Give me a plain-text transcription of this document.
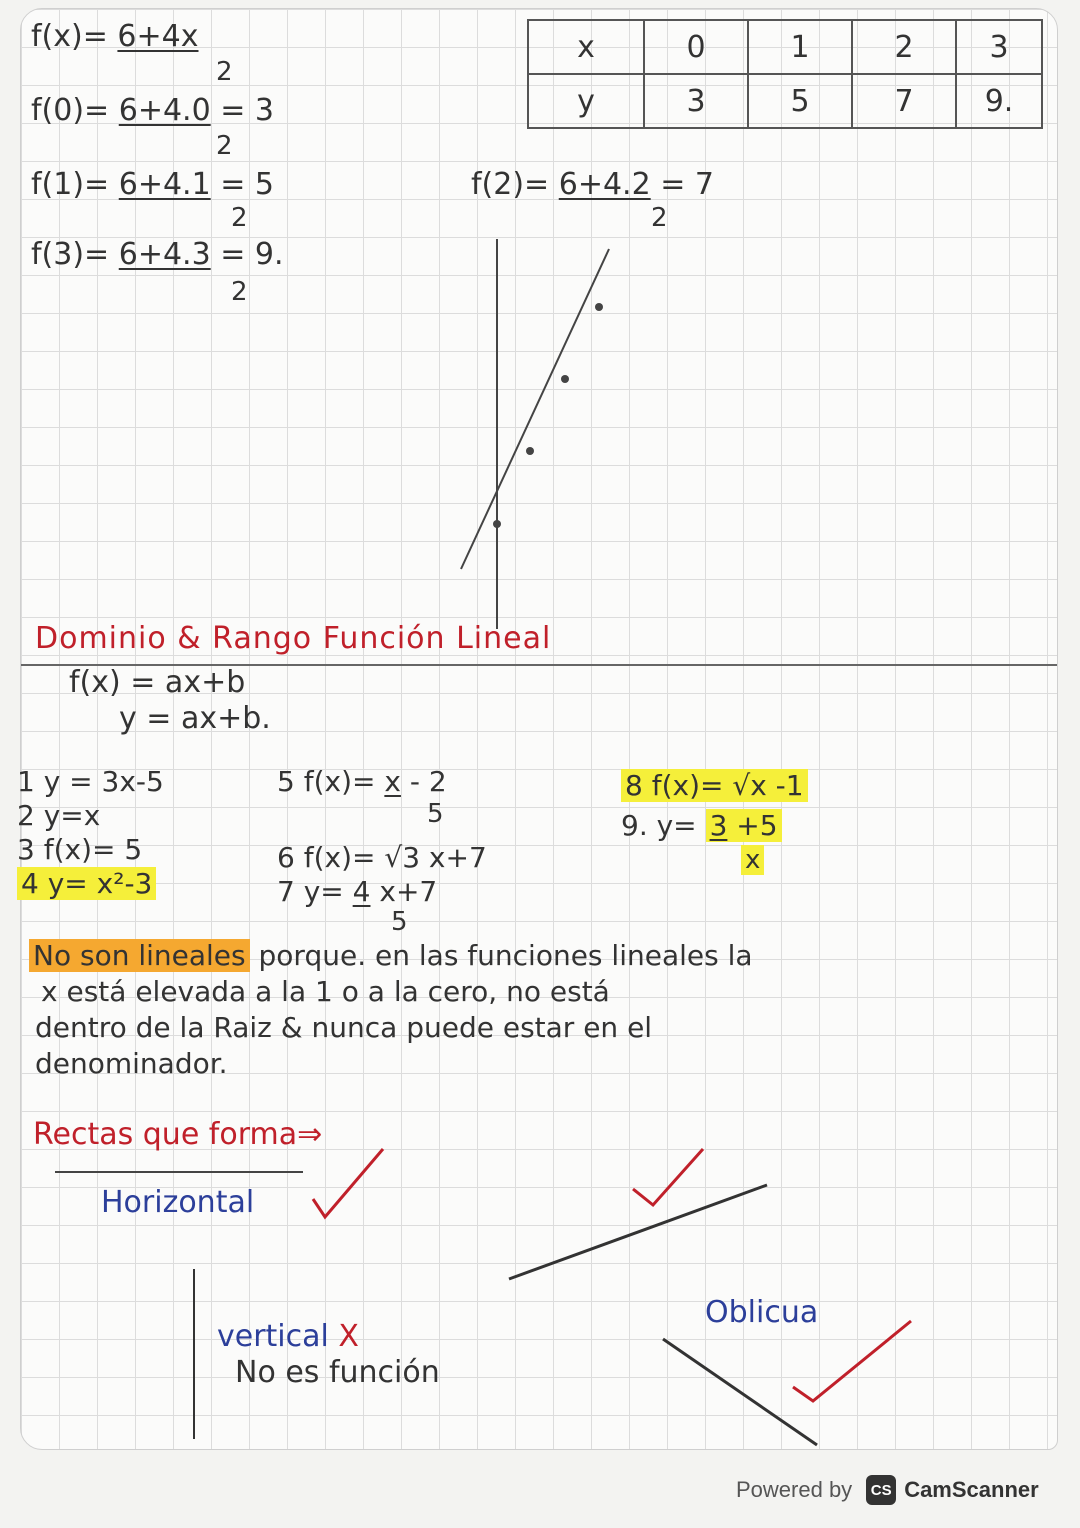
f(x)= 6+4x
2
f(0)= 6+4.0 = 3
2
f(1)= 6+4.1 = 5
2
f(3)= 6+4.3 = 9.
2
f(2)= 6+4.2 = 7
2
x	0	1	2	3
y	3	5	7	9.
Dominio & Rango Función Lineal
f(x) = ax+b
y = ax+b.
1 y = 3x-5
2 y=x
3 f(x)= 5
4 y= x²-3
5 f(x)= x - 2
5
6 f(x)= √3 x+7
7 y= 4 x+7
5
8 f(x)= √x -1
9. y= 3 +5
x
No son lineales porque. en las funciones lineales la
x está elevada a la 1 o a la cero, no está
dentro de la Raiz & nunca puede estar en el
denominador.
Rectas que forma⇒
Horizontal
vertical X
No es función
Oblicua
Powered by	CS CamScanner
